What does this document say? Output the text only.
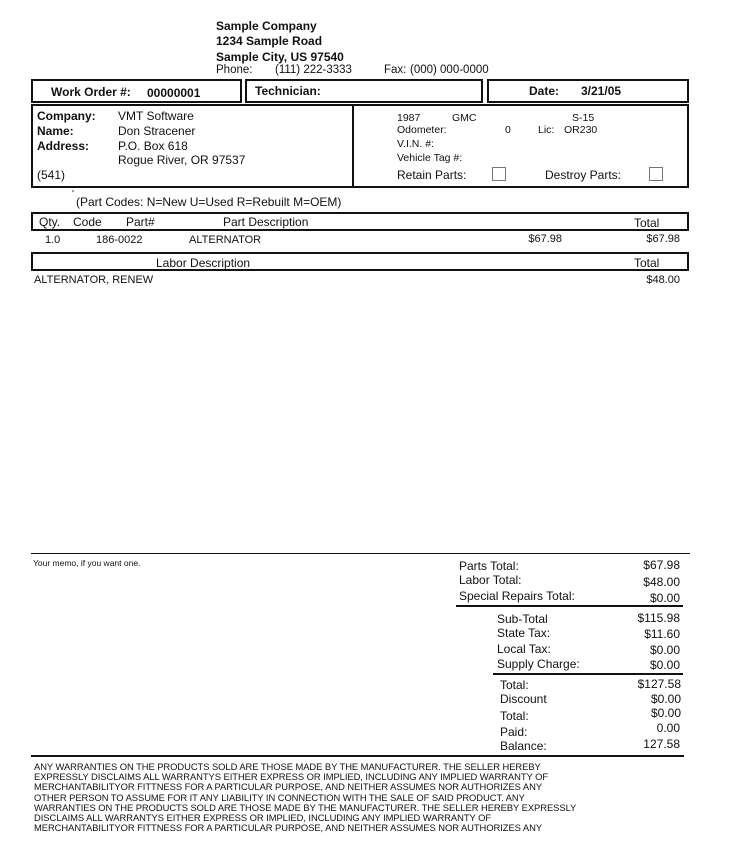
Sample Company
1234 Sample Road
Sample City, US 97540
Phone: (111) 222-3333	Fax: (000) 000-0000
Work Order #: 00000001	Technician:	Date: 3/21/05
Company: VMT Software
Name:	Don Stracener
Address: P.O. Box 618
Rogue River, OR 97537
(541)
1987	GMC	S-15
Odometer:	0	Lic: OR230
V.I.N. #:
Vehicle Tag #:
Retain Parts:	Destroy Parts:
'
(Part Codes: N=New U=Used R=Rebuilt M=OEM)
Qty. Code Part#	Part Description	Total
1.0	186-0022	ALTERNATOR	$67.98	$67.98
Labor Description	Total
ALTERNATOR, RENEW	$48.00
Your memo, if you want one.	Parts Total:	$67.98
Labor Total:	$48.00
Special Repairs Total:	$0.00
Sub-Total	$115.98
State Tax:	$11.60
Local Tax:	$0.00
Supply Charge:	$0.00
Total:	$127.58
Discount	$0.00
Total:	$0.00
Paid:	0.00
Balance:	127.58
ANY WARRANTIES ON THE PRODUCTS SOLD ARE THOSE MADE BY THE MANUFACTURER. THE SELLER HEREBY
EXPRESSLY DISCLAIMS ALL WARRANTYS EITHER EXPRESS OR IMPLIED, INCLUDING ANY IMPLIED WARRANTY OF
MERCHANTABILITYOR FITTNESS FOR A PARTICULAR PURPOSE, AND NEITHER ASSUMES NOR AUTHORIZES ANY
OTHER PERSON TO ASSUME FOR IT ANY LIABILITY IN CONNECTION WITH THE SALE OF SAID PRODUCT. ANY
WARRANTIES ON THE PRODUCTS SOLD ARE THOSE MADE BY THE MANUFACTURER. THE SELLER HEREBY EXPRESSLY
DISCLAIMS ALL WARRANTYS EITHER EXPRESS OR IMPLIED, INCLUDING ANY IMPLIED WARRANTY OF
MERCHANTABILITYOR FITTNESS FOR A PARTICULAR PURPOSE, AND NEITHER ASSUMES NOR AUTHORIZES ANY
